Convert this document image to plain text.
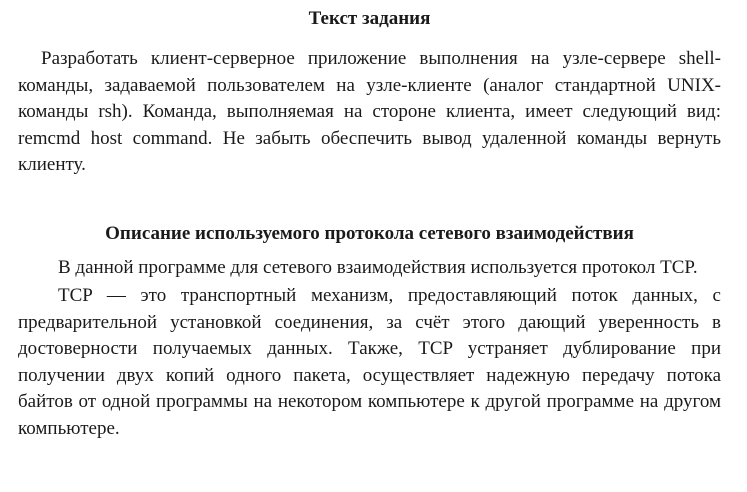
Текст задания

Разработать клиент-серверное приложение выполнения на узле-сервере shell-команды, задаваемой пользователем на узле-клиенте (аналог стандартной UNIX-команды rsh). Команда, выполняемая на стороне клиента, имеет следующий вид: remcmd host command. Не забыть обеспечить вывод удаленной команды вернуть клиенту.

Описание используемого протокола сетевого взаимодействия

В данной программе для сетевого взаимодействия используется протокол TCP.

TCP — это транспортный механизм, предоставляющий поток данных, с предварительной установкой соединения, за счёт этого дающий уверенность в достоверности получаемых данных. Также, TCP устраняет дублирование при получении двух копий одного пакета, осуществляет надежную передачу потока байтов от одной программы на некотором компьютере к другой программе на другом компьютере.
